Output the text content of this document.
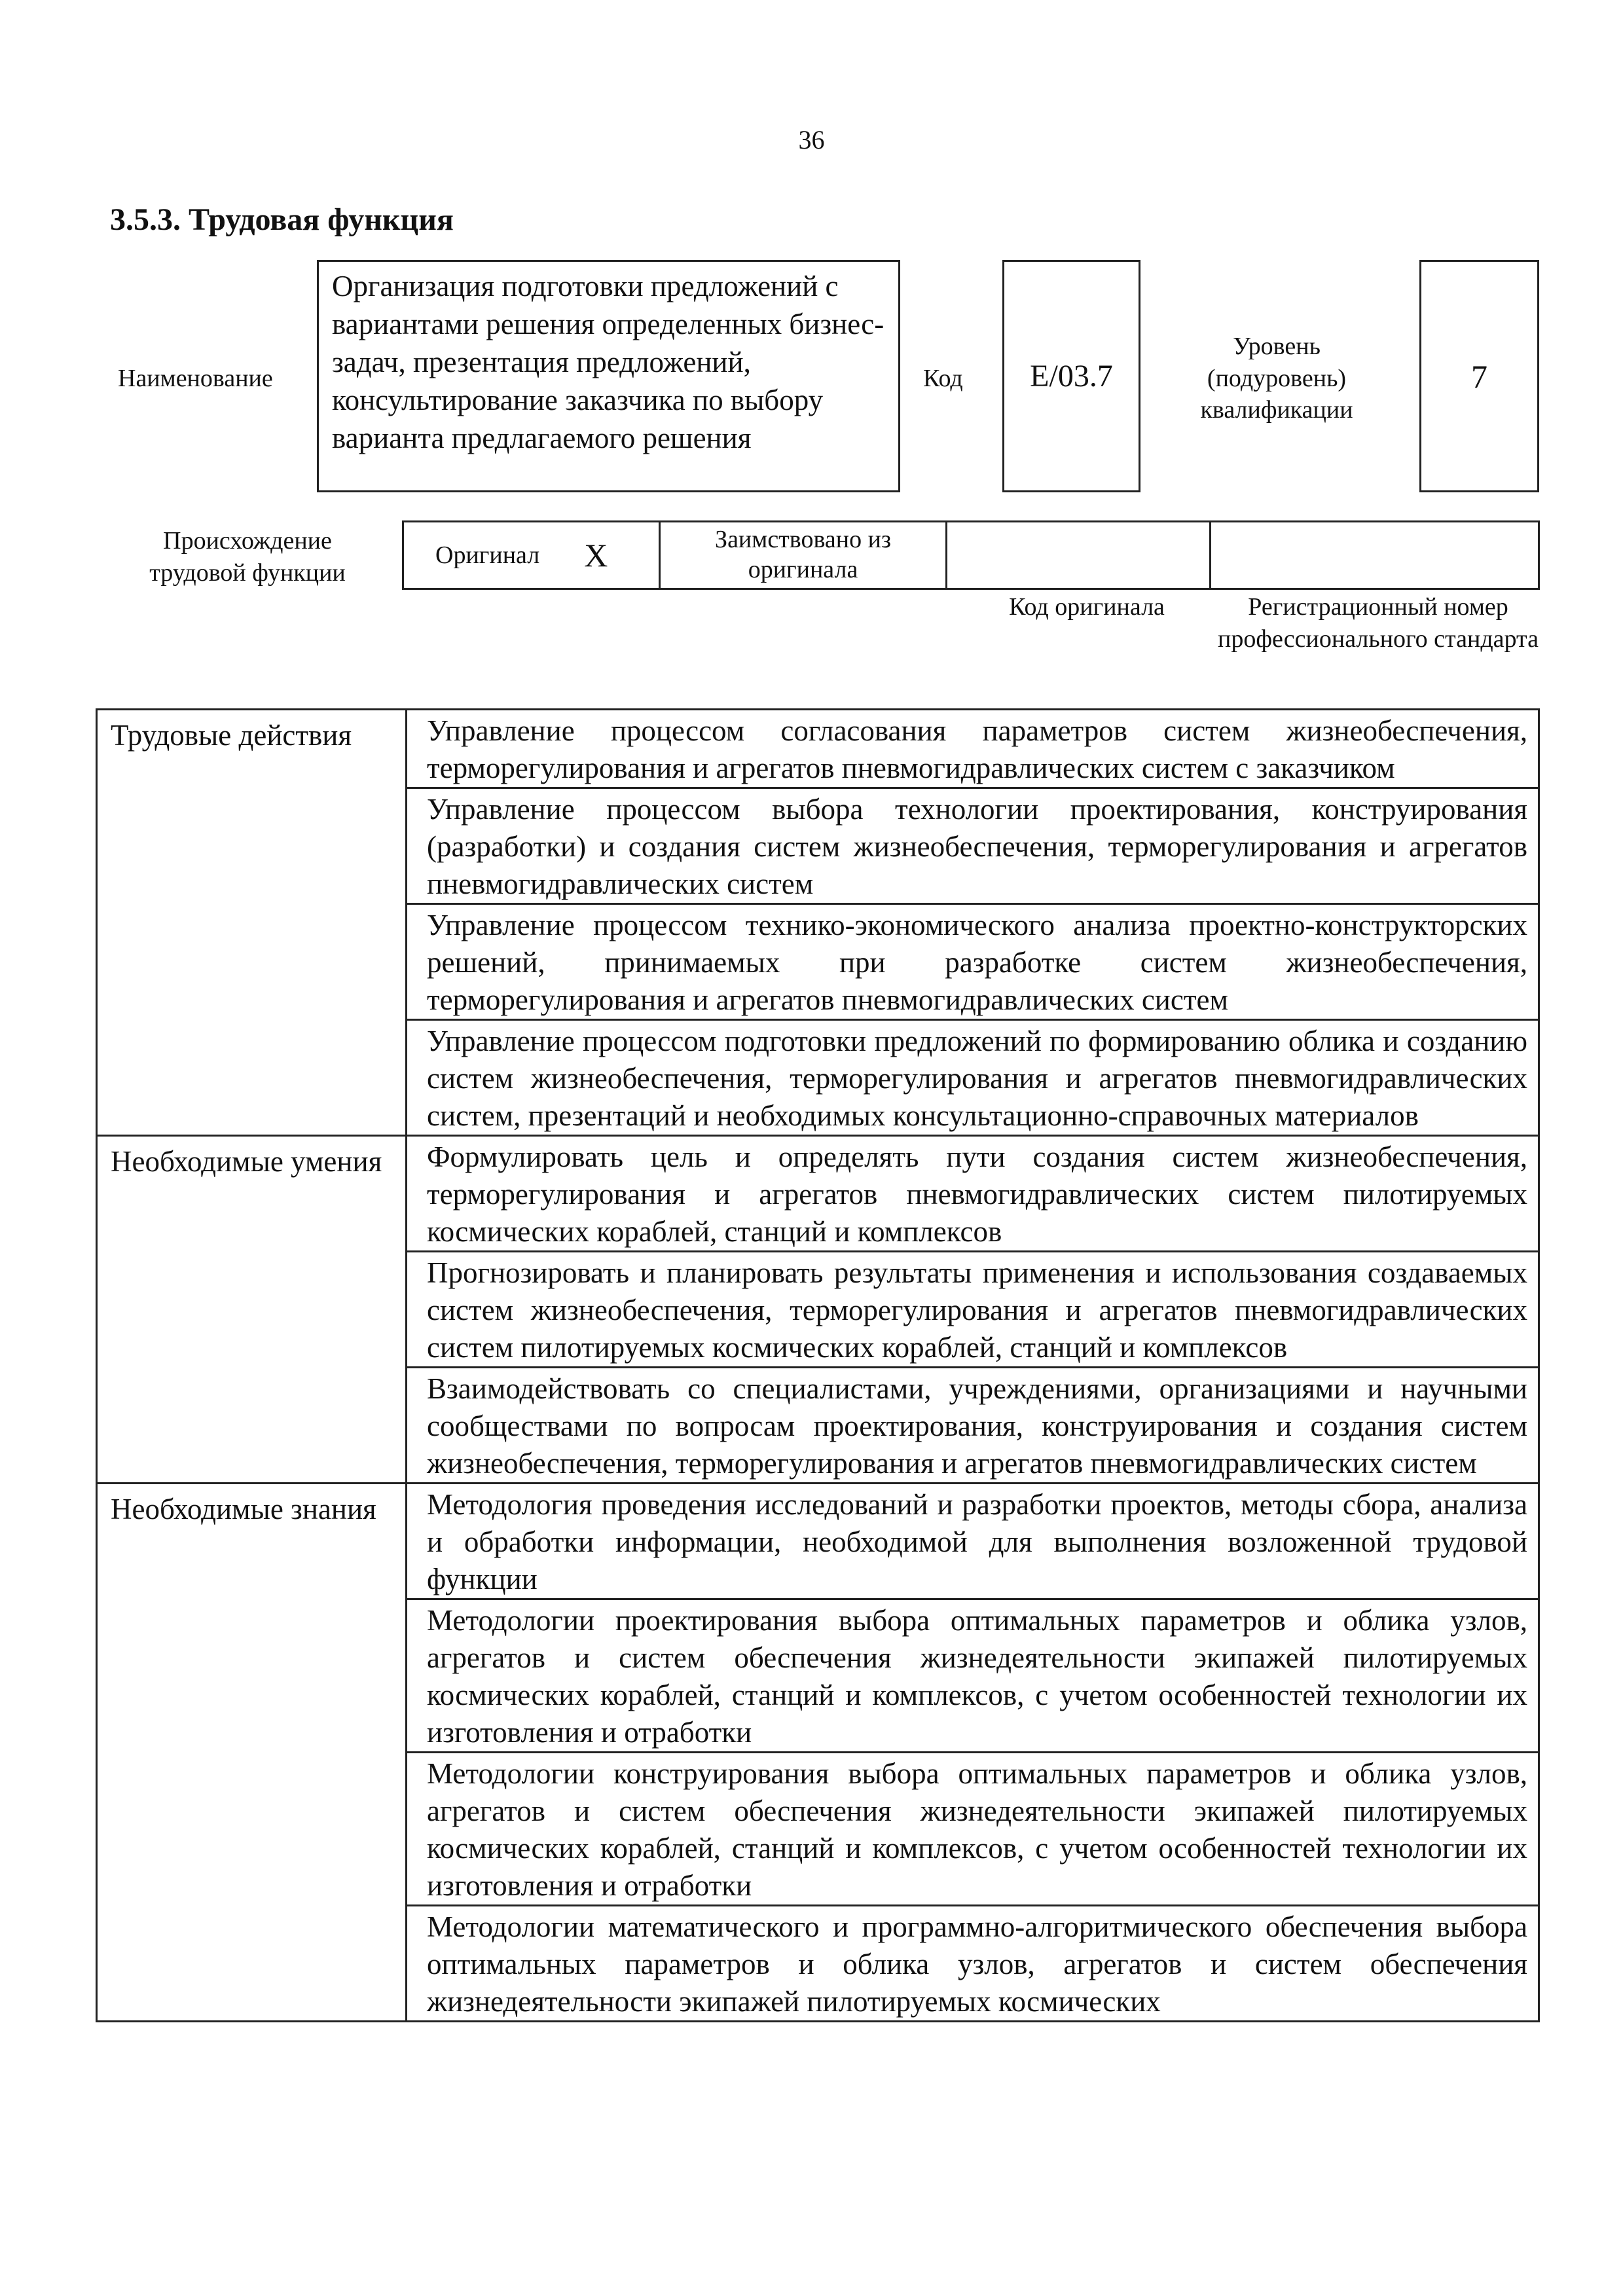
36
3.5.3. Трудовая функция
Наименование
Организация подготовки предложений с вариантами решения определенных бизнес-задач, презентация предложений, консультирование заказчика по выбору варианта предлагаемого решения
Код	E/03.7
Уровень (подуровень) квалификации
7
Происхождение трудовой функции
Оригинал X	Заимствовано из оригинала
Код оригинала	Регистрационный номер профессионального стандарта
Трудовые действия	Управление процессом согласования параметров систем жизнеобеспечения, терморегулирования и агрегатов пневмогидравлических систем с заказчиком
	Управление процессом выбора технологии проектирования, конструирования (разработки) и создания систем жизнеобеспечения, терморегулирования и агрегатов пневмогидравлических систем
	Управление процессом технико-экономического анализа проектно-конструкторских решений, принимаемых при разработке систем жизнеобеспечения, терморегулирования и агрегатов пневмогидравлических систем
	Управление процессом подготовки предложений по формированию облика и созданию систем жизнеобеспечения, терморегулирования и агрегатов пневмогидравлических систем, презентаций и необходимых консультационно-справочных материалов
Необходимые умения	Формулировать цель и определять пути создания систем жизнеобеспечения, терморегулирования и агрегатов пневмогидравлических систем пилотируемых космических кораблей, станций и комплексов
	Прогнозировать и планировать результаты применения и использования создаваемых систем жизнеобеспечения, терморегулирования и агрегатов пневмогидравлических систем пилотируемых космических кораблей, станций и комплексов
	Взаимодействовать со специалистами, учреждениями, организациями и научными сообществами по вопросам проектирования, конструирования и создания систем жизнеобеспечения, терморегулирования и агрегатов пневмогидравлических систем
Необходимые знания	Методология проведения исследований и разработки проектов, методы сбора, анализа и обработки информации, необходимой для выполнения возложенной трудовой функции
	Методологии проектирования выбора оптимальных параметров и облика узлов, агрегатов и систем обеспечения жизнедеятельности экипажей пилотируемых космических кораблей, станций и комплексов, с учетом особенностей технологии их изготовления и отработки
	Методологии конструирования выбора оптимальных параметров и облика узлов, агрегатов и систем обеспечения жизнедеятельности экипажей пилотируемых космических кораблей, станций и комплексов, с учетом особенностей технологии их изготовления и отработки
	Методологии математического и программно-алгоритмического обеспечения выбора оптимальных параметров и облика узлов, агрегатов и систем обеспечения жизнедеятельности экипажей пилотируемых космических
